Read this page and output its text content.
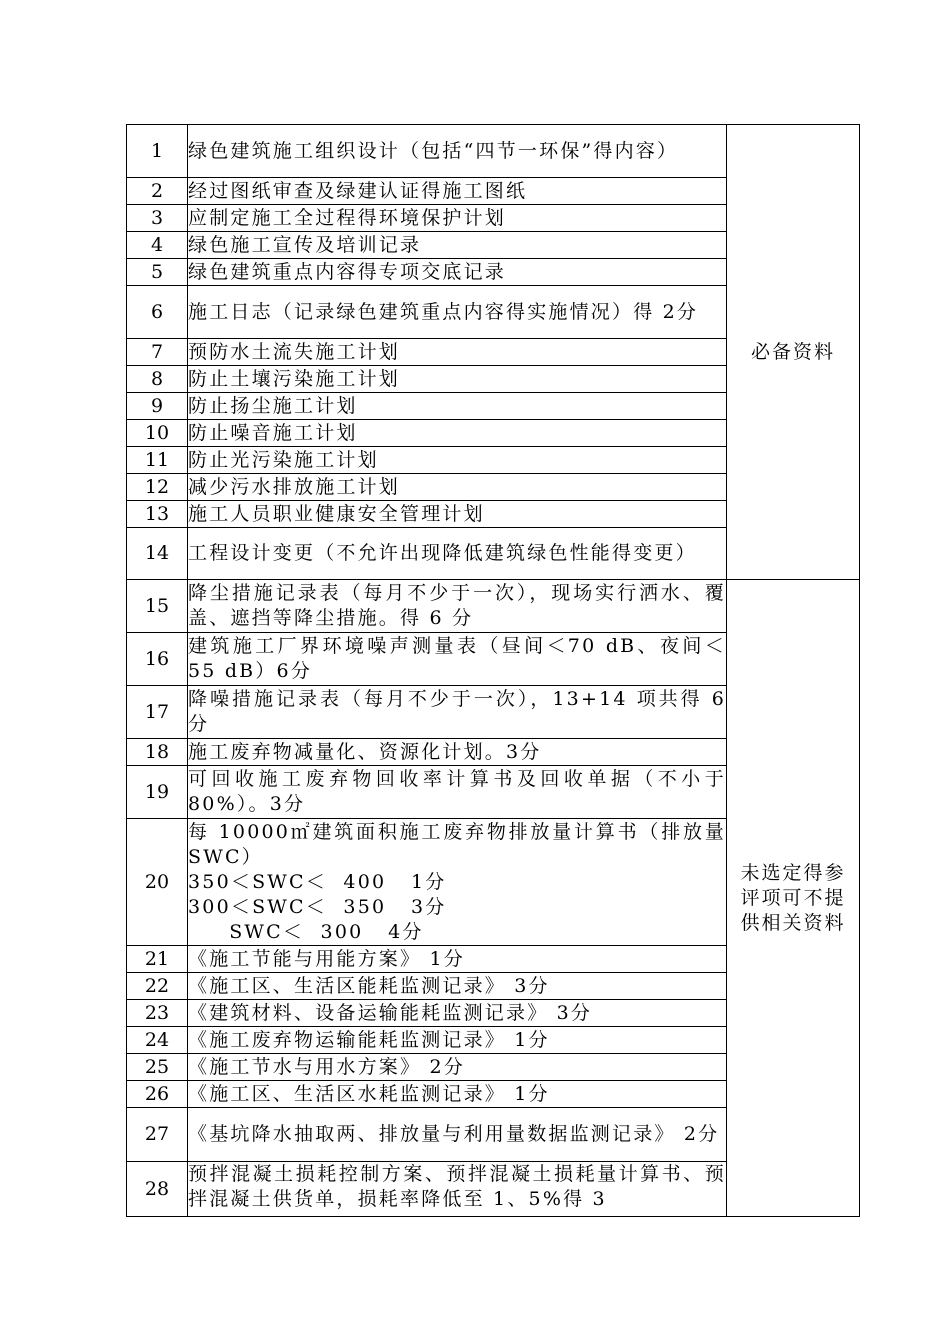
1	绿色建筑施工组织设计（包括“四节一环保”得内容）	必备资料
2	经过图纸审查及绿建认证得施工图纸	
3	应制定施工全过程得环境保护计划	
4	绿色施工宣传及培训记录	
5	绿色建筑重点内容得专项交底记录	
6	施工日志（记录绿色建筑重点内容得实施情况）得 2分	
7	预防水土流失施工计划	
8	防止土壤污染施工计划	
9	防止扬尘施工计划	
10	防止噪音施工计划	
11	防止光污染施工计划	
12	减少污水排放施工计划	
13	施工人员职业健康安全管理计划	
14	工程设计变更（不允许出现降低建筑绿色性能得变更）	
15	降尘措施记录表（每月不少于一次），现场实行洒水、覆盖、遮挡等降尘措施。得 6 分	未选定得参评项可不提供相关资料
16	建筑施工厂界环境噪声测量表（昼间＜70 dB、夜间＜55 dB）6分	
17	降噪措施记录表（每月不少于一次），13+14 项共得 6分	
18	施工废弃物减量化、资源化计划。3分	
19	可回收施工废弃物回收率计算书及回收单据（不小于 80%）。3分	
20	每 10000㎡建筑面积施工废弃物排放量计算书（排放量 SWC）
350＜SWC＜  400   1分
300＜SWC＜  350   3分
SWC＜  300   4分	

21	《施工节能与用能方案》 1分	
22	《施工区、生活区能耗监测记录》 3分	
23	《建筑材料、设备运输能耗监测记录》 3分	
24	《施工废弃物运输能耗监测记录》 1分	
25	《施工节水与用水方案》 2分	
26	《施工区、生活区水耗监测记录》 1分	
27	《基坑降水抽取两、排放量与利用量数据监测记录》 2分	
28	预拌混凝土损耗控制方案、预拌混凝土损耗量计算书、预拌混凝土供货单，损耗率降低至 1、5%得 3	
